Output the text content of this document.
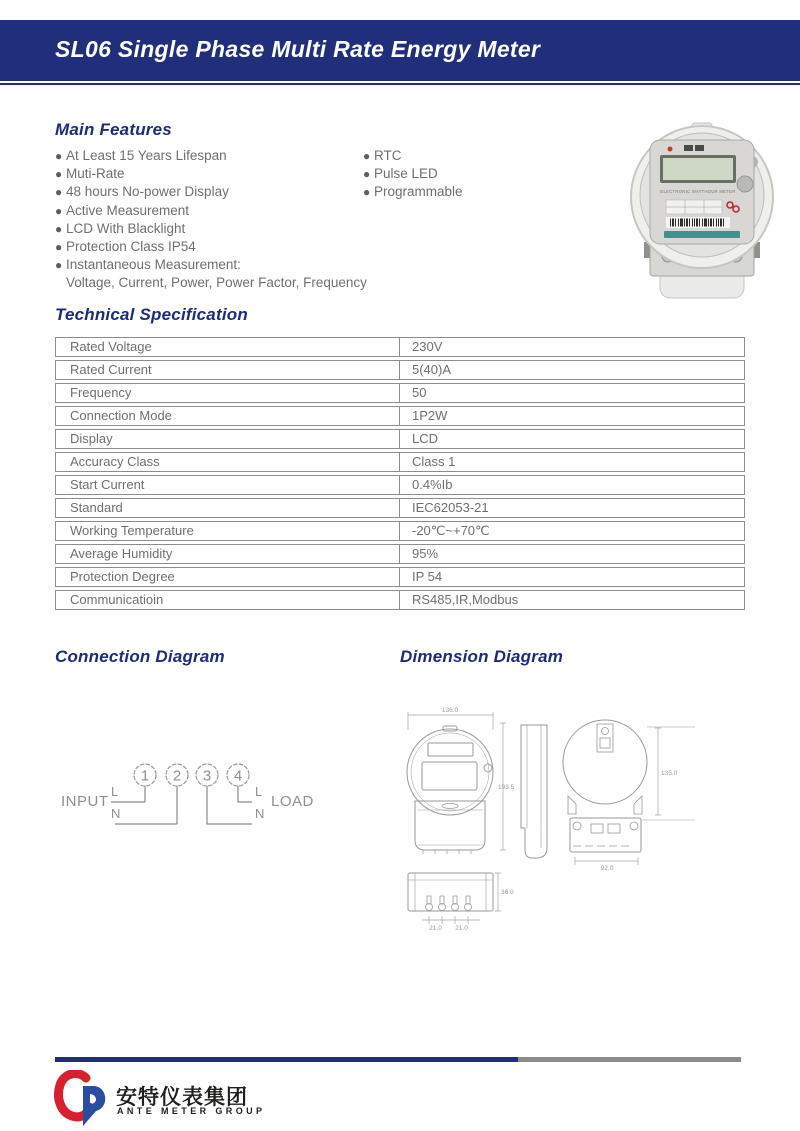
SL06 Single Phase Multi Rate Energy Meter
Main Features
● At Least 15 Years Lifespan
● Muti-Rate
● 48 hours No-power Display
● Active Measurement
● LCD With Blacklight
● Protection Class IP54
● Instantaneous Measurement:
Voltage, Current, Power, Power Factor, Frequency
● RTC
● Pulse LED
● Programmable	ELECTRONIC WATTHOUR METER
Technical Specification
Rated Voltage	230V
Rated Current	5(40)A
Frequency	50
Connection Mode	1P2W
Display	LCD
Accuracy Class	Class 1
Start Current	0.4%Ib
Standard	IEC62053-21
Working Temperature	-20℃~+70℃
Average Humidity	95%
Protection Degree	IP 54
Communicatioin	RS485,IR,Modbus
Connection Diagram
1 2 3 4
INPUT
L
N
L
N
LOAD
Dimension Diagram
136.0
193.5
135.0
92.0
21.0 21.0
36.0
安特仪表集团
ANTE METER GROUP
